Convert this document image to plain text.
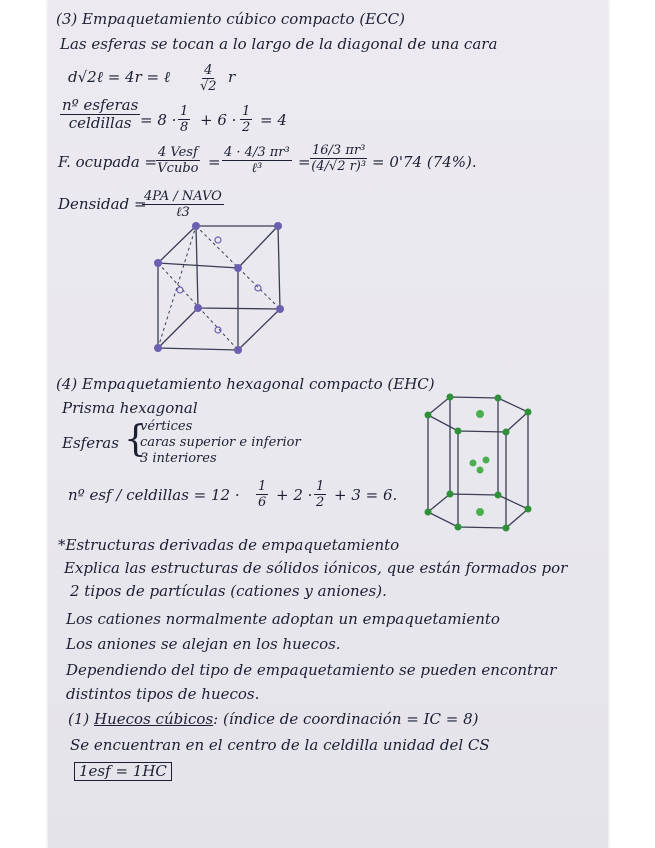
(3) Empaquetamiento cúbico compacto (ECC)
Las esferas se tocan a lo largo de la diagonal de una cara
d√2ℓ = 4r = ℓ $\frac{4}{√2}$ r
nº esferas
celdillas = $8 \cdot \frac{1}{8} + 6 \cdot \frac{1}{2} = 4$
F. ocupada =
4 Vesf
Vcubo =
4 · 4/3 πr³
ℓ³ = $\frac{\text{16/3 πr³}}{\text{(4/√2 r)³}} = 0'74$ (74%).
Densidad =
4PA / NAVO
ℓ3
(4) Empaquetamiento hexagonal compacto (EHC)
Prisma hexagonal
Esferas {
vértices
caras superior e inferior
3 interiores
nº esf / celdillas = $12 \cdot \frac{1}{6} + 2 \cdot \frac{1}{2} + 3 = 6$.
*Estructuras derivadas de empaquetamiento
Explica las estructuras de sólidos iónicos, que están formados por
2 tipos de partículas (cationes y aniones).
Los cationes normalmente adoptan un empaquetamiento
Los aniones se alejan en los huecos.
Dependiendo del tipo de empaquetamiento se pueden encontrar
distintos tipos de huecos.
(1) Huecos cúbicos: (índice de coordinación = IC = 8)
Se encuentran en el centro de la celdilla unidad del CS
1esf = 1HC
